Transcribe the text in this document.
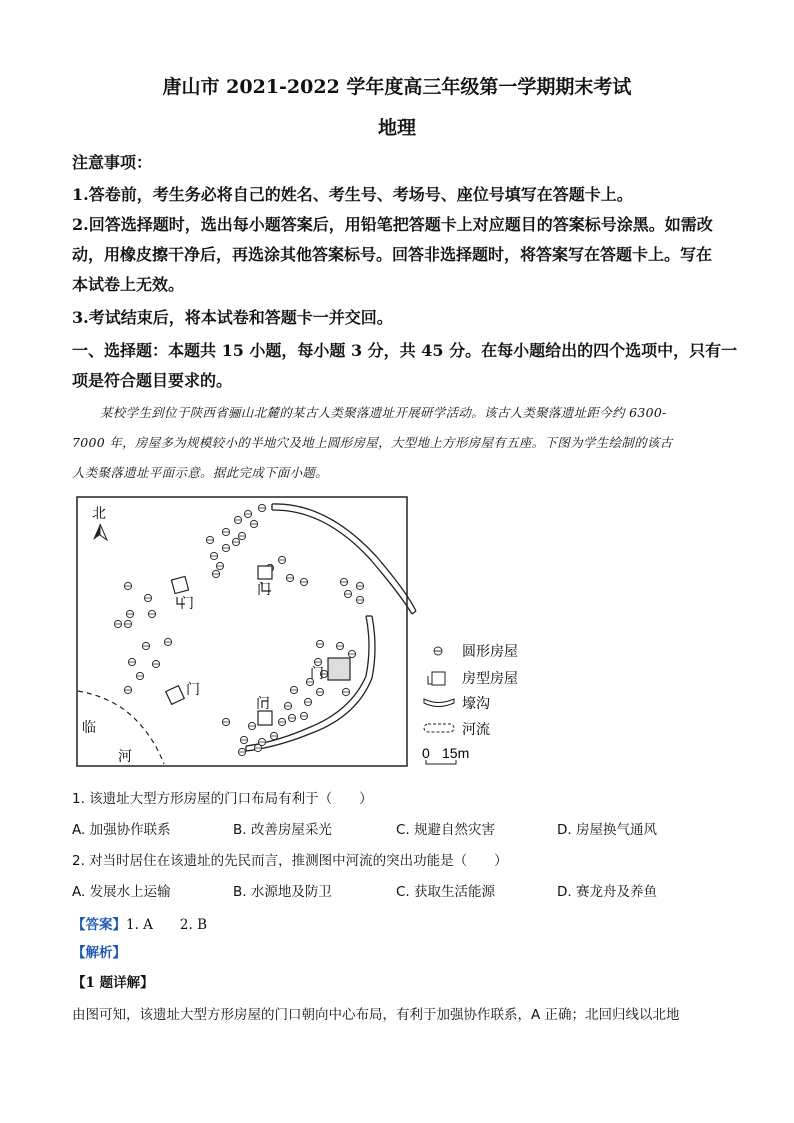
唐山市 2021-2022 学年度高三年级第一学期期末考试
地理
注意事项：
1.答卷前，考生务必将自己的姓名、考生号、考场号、座位号填写在答题卡上。
2.回答选择题时，选出每小题答案后，用铅笔把答题卡上对应题目的答案标号涂黑。如需改
动，用橡皮擦干净后，再选涂其他答案标号。回答非选择题时，将答案写在答题卡上。写在
本试卷上无效。
3.考试结束后，将本试卷和答题卡一并交回。
一、选择题：本题共 15 小题，每小题 3 分，共 45 分。在每小题给出的四个选项中，只有一
项是符合题目要求的。
某校学生到位于陕西省骊山北麓的某古人类聚落遗址开展研学活动。该古人类聚落遗址距今约 6300-
7000 年，房屋多为规模较小的半地穴及地上圆形房屋，大型地上方形房屋有五座。下图为学生绘制的该古
人类聚落遗址平面示意。据此完成下面小题。
北
临
河
门
门
门
门
门
圆形房屋
房型房屋
壕沟
河流
0 15m
1. 该遗址大型方形房屋的门口布局有利于（　　）
A. 加强协作联系	B. 改善房屋采光	C. 规避自然灾害	D. 房屋换气通风
2. 对当时居住在该遗址的先民而言，推测图中河流的突出功能是（　　）
A. 发展水上运输	B. 水源地及防卫	C. 获取生活能源	D. 赛龙舟及养鱼
【答案】1. A　　2. B
【解析】
【1 题详解】
由图可知，该遗址大型方形房屋的门口朝向中心布局，有利于加强协作联系，A 正确；北回归线以北地
